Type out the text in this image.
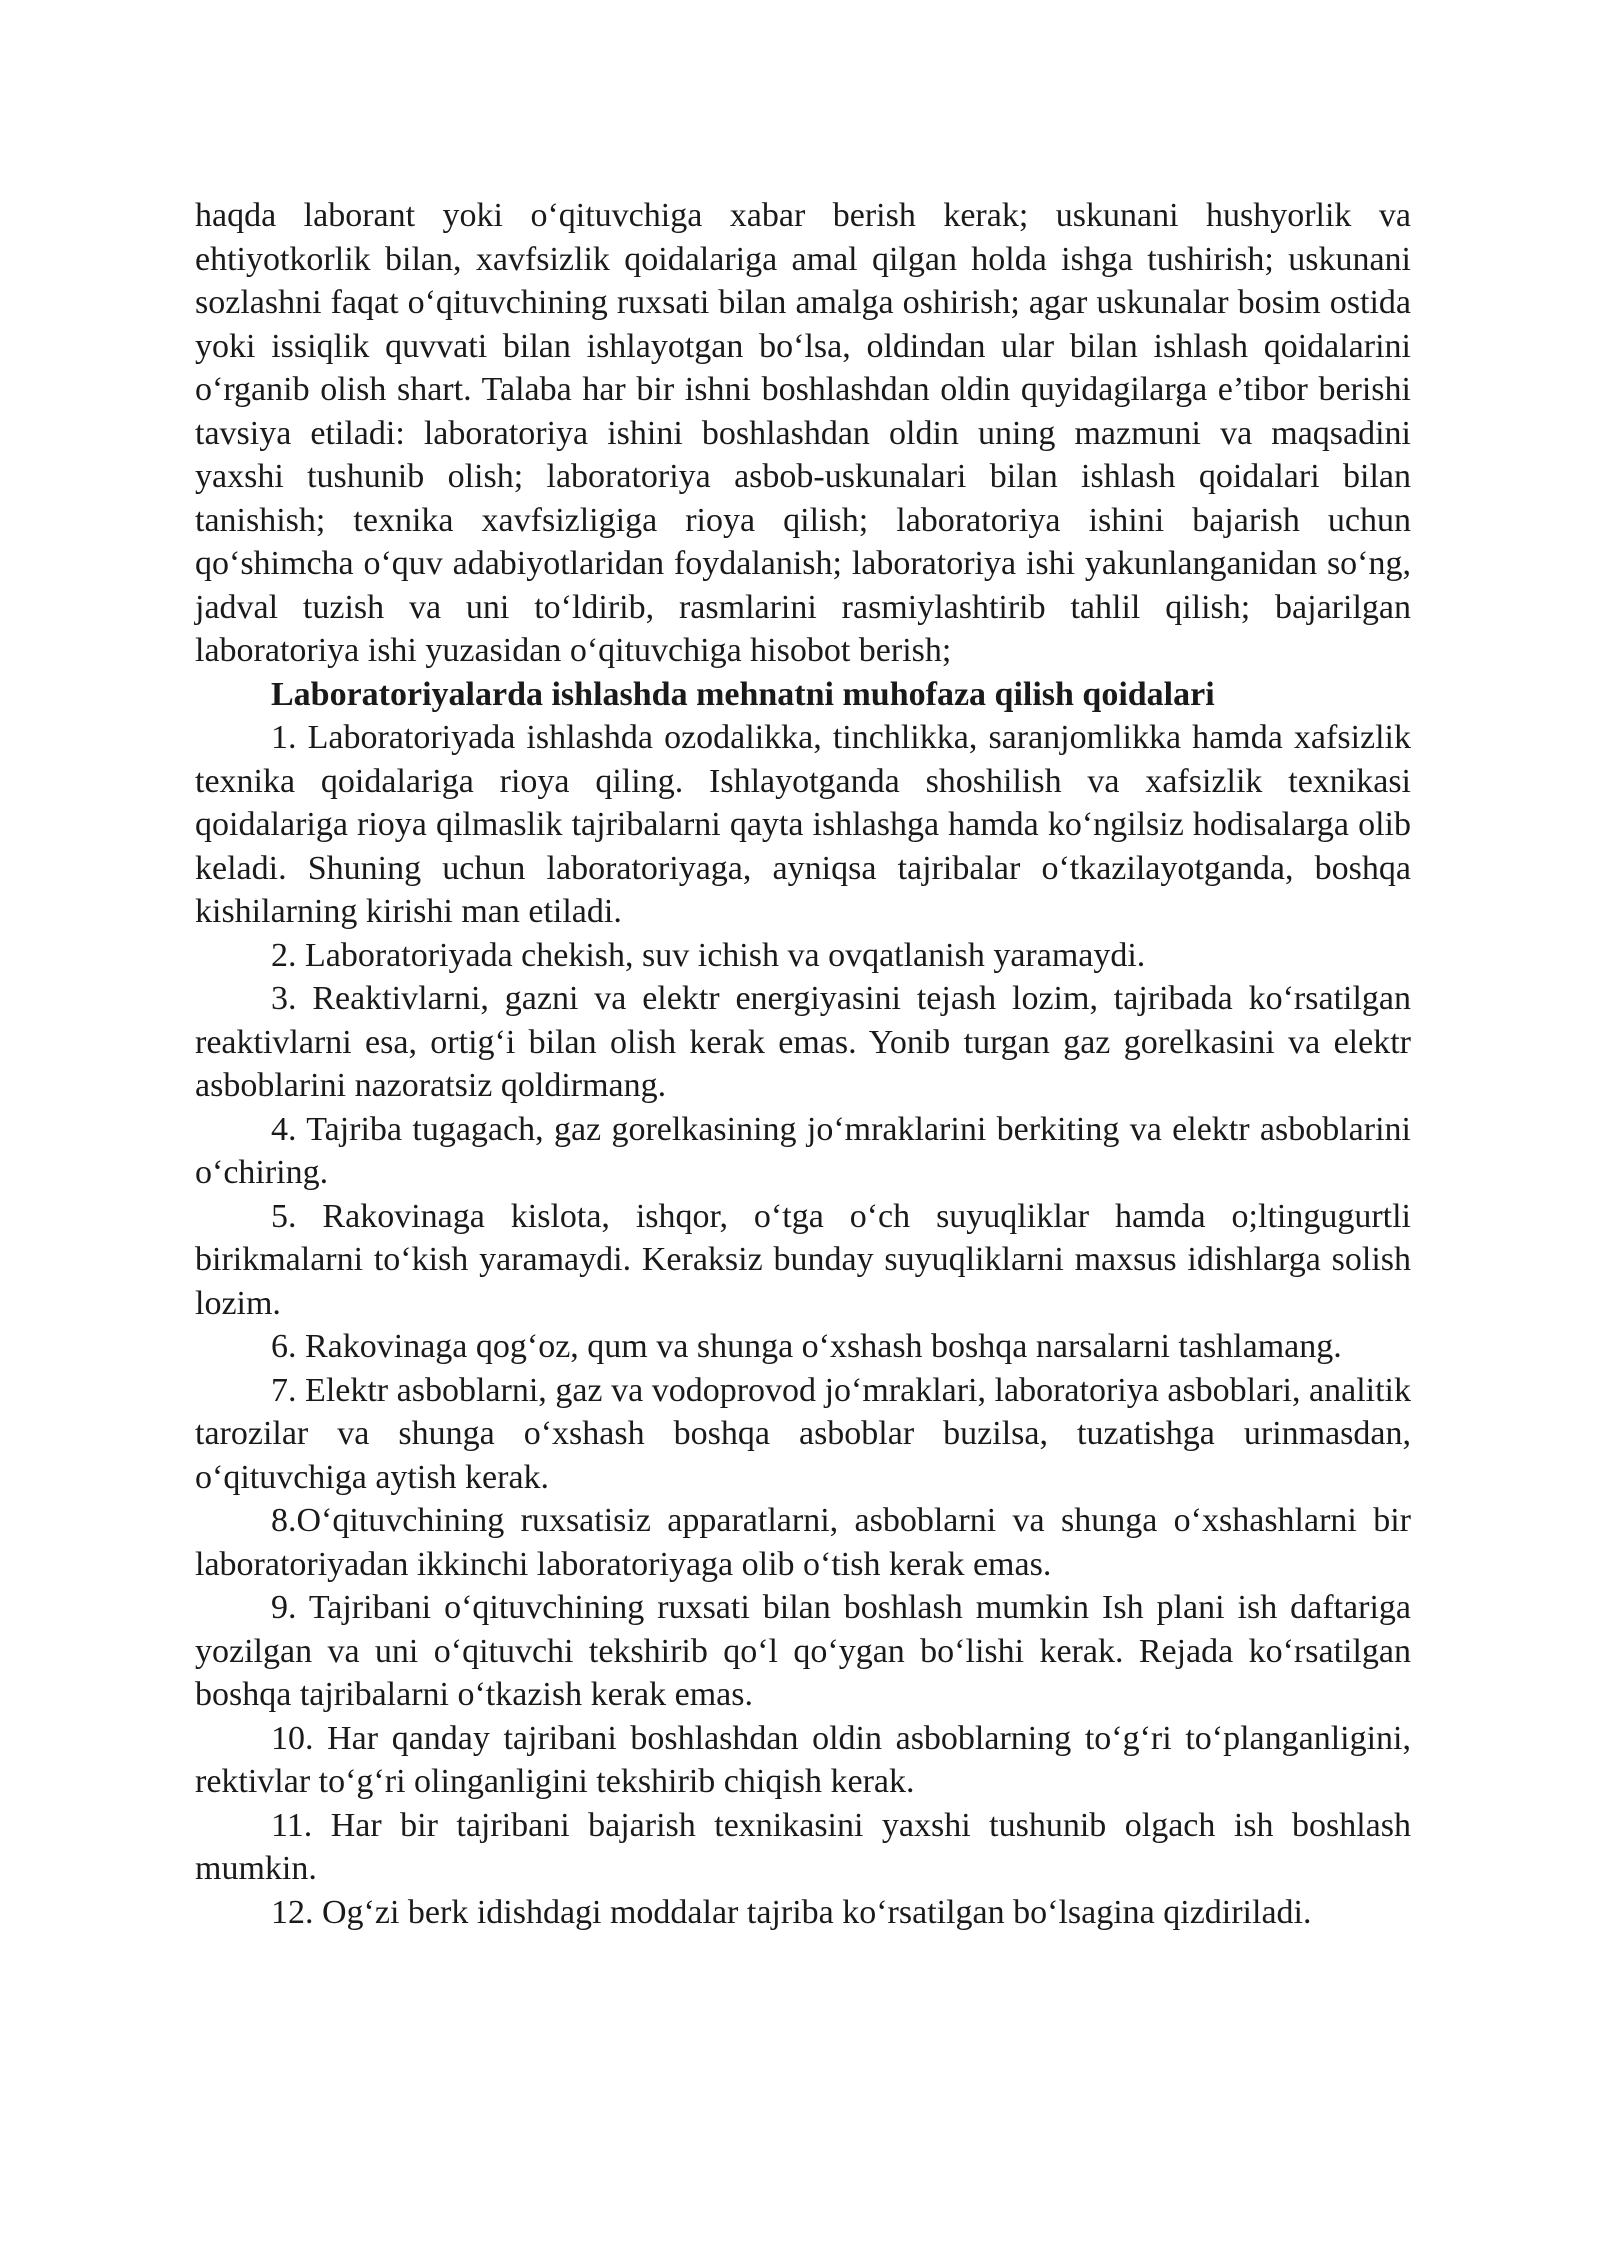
haqda laborant yoki o‘qituvchiga xabar berish kerak; uskunani hushyorlik va ehtiyotkorlik bilan, xavfsizlik qoidalariga amal qilgan holda ishga tushirish; uskunani sozlashni faqat o‘qituvchining ruxsati bilan amalga oshirish; agar uskunalar bosim ostida yoki issiqlik quvvati bilan ishlayotgan bo‘lsa, oldindan ular bilan ishlash qoidalarini o‘rganib olish shart. Talaba har bir ishni boshlashdan oldin quyidagilarga e’tibor berishi tavsiya etiladi: laboratoriya ishini boshlashdan oldin uning mazmuni va maqsadini yaxshi tushunib olish; laboratoriya asbob-uskunalari bilan ishlash qoidalari bilan tanishish; texnika xavfsizligiga rioya qilish; laboratoriya ishini bajarish uchun qo‘shimcha o‘quv adabiyotlaridan foydalanish; laboratoriya ishi yakunlanganidan so‘ng, jadval tuzish va uni to‘ldirib, rasmlarini rasmiylashtirib tahlil qilish; bajarilgan laboratoriya ishi yuzasidan o‘qituvchiga hisobot berish;

Laboratoriyalarda ishlashda mehnatni muhofaza qilish qoidalari

1. Laboratoriyada ishlashda ozodalikka, tinchlikka, saranjomlikka hamda xafsizlik texnika qoidalariga rioya qiling. Ishlayotganda shoshilish va xafsizlik texnikasi qoidalariga rioya qilmaslik tajribalarni qayta ishlashga hamda ko‘ngilsiz hodisalarga olib keladi. Shuning uchun laboratoriyaga, ayniqsa tajribalar o‘tkazilayotganda, boshqa kishilarning kirishi man etiladi.

2. Laboratoriyada chekish, suv ichish va ovqatlanish yaramaydi.

3. Reaktivlarni, gazni va elektr energiyasini tejash lozim, tajribada ko‘rsatilgan reaktivlarni esa, ortig‘i bilan olish kerak emas. Yonib turgan gaz gorelkasini va elektr asboblarini nazoratsiz qoldirmang.

4. Tajriba tugagach, gaz gorelkasining jo‘mraklarini berkiting va elektr asboblarini o‘chiring.

5. Rakovinaga kislota, ishqor, o‘tga o‘ch suyuqliklar hamda o;ltingugurtli birikmalarni to‘kish yaramaydi. Keraksiz bunday suyuqliklarni maxsus idishlarga solish lozim.

6. Rakovinaga qog‘oz, qum va shunga o‘xshash boshqa narsalarni tashlamang.

7. Elektr asboblarni, gaz va vodoprovod jo‘mraklari, laboratoriya asboblari, analitik tarozilar va shunga o‘xshash boshqa asboblar buzilsa, tuzatishga urinmasdan, o‘qituvchiga aytish kerak.

8.O‘qituvchining ruxsatisiz apparatlarni, asboblarni va shunga o‘xshashlarni bir laboratoriyadan ikkinchi laboratoriyaga olib o‘tish kerak emas.

9. Tajribani o‘qituvchining ruxsati bilan boshlash mumkin Ish plani ish daftariga yozilgan va uni o‘qituvchi tekshirib qo‘l qo‘ygan bo‘lishi kerak. Rejada ko‘rsatilgan boshqa tajribalarni o‘tkazish kerak emas.

10. Har qanday tajribani boshlashdan oldin asboblarning to‘g‘ri to‘planganligini, rektivlar to‘g‘ri olinganligini tekshirib chiqish kerak.

11. Har bir tajribani bajarish texnikasini yaxshi tushunib olgach ish boshlash mumkin.

12. Og‘zi berk idishdagi moddalar tajriba ko‘rsatilgan bo‘lsagina qizdiriladi.
